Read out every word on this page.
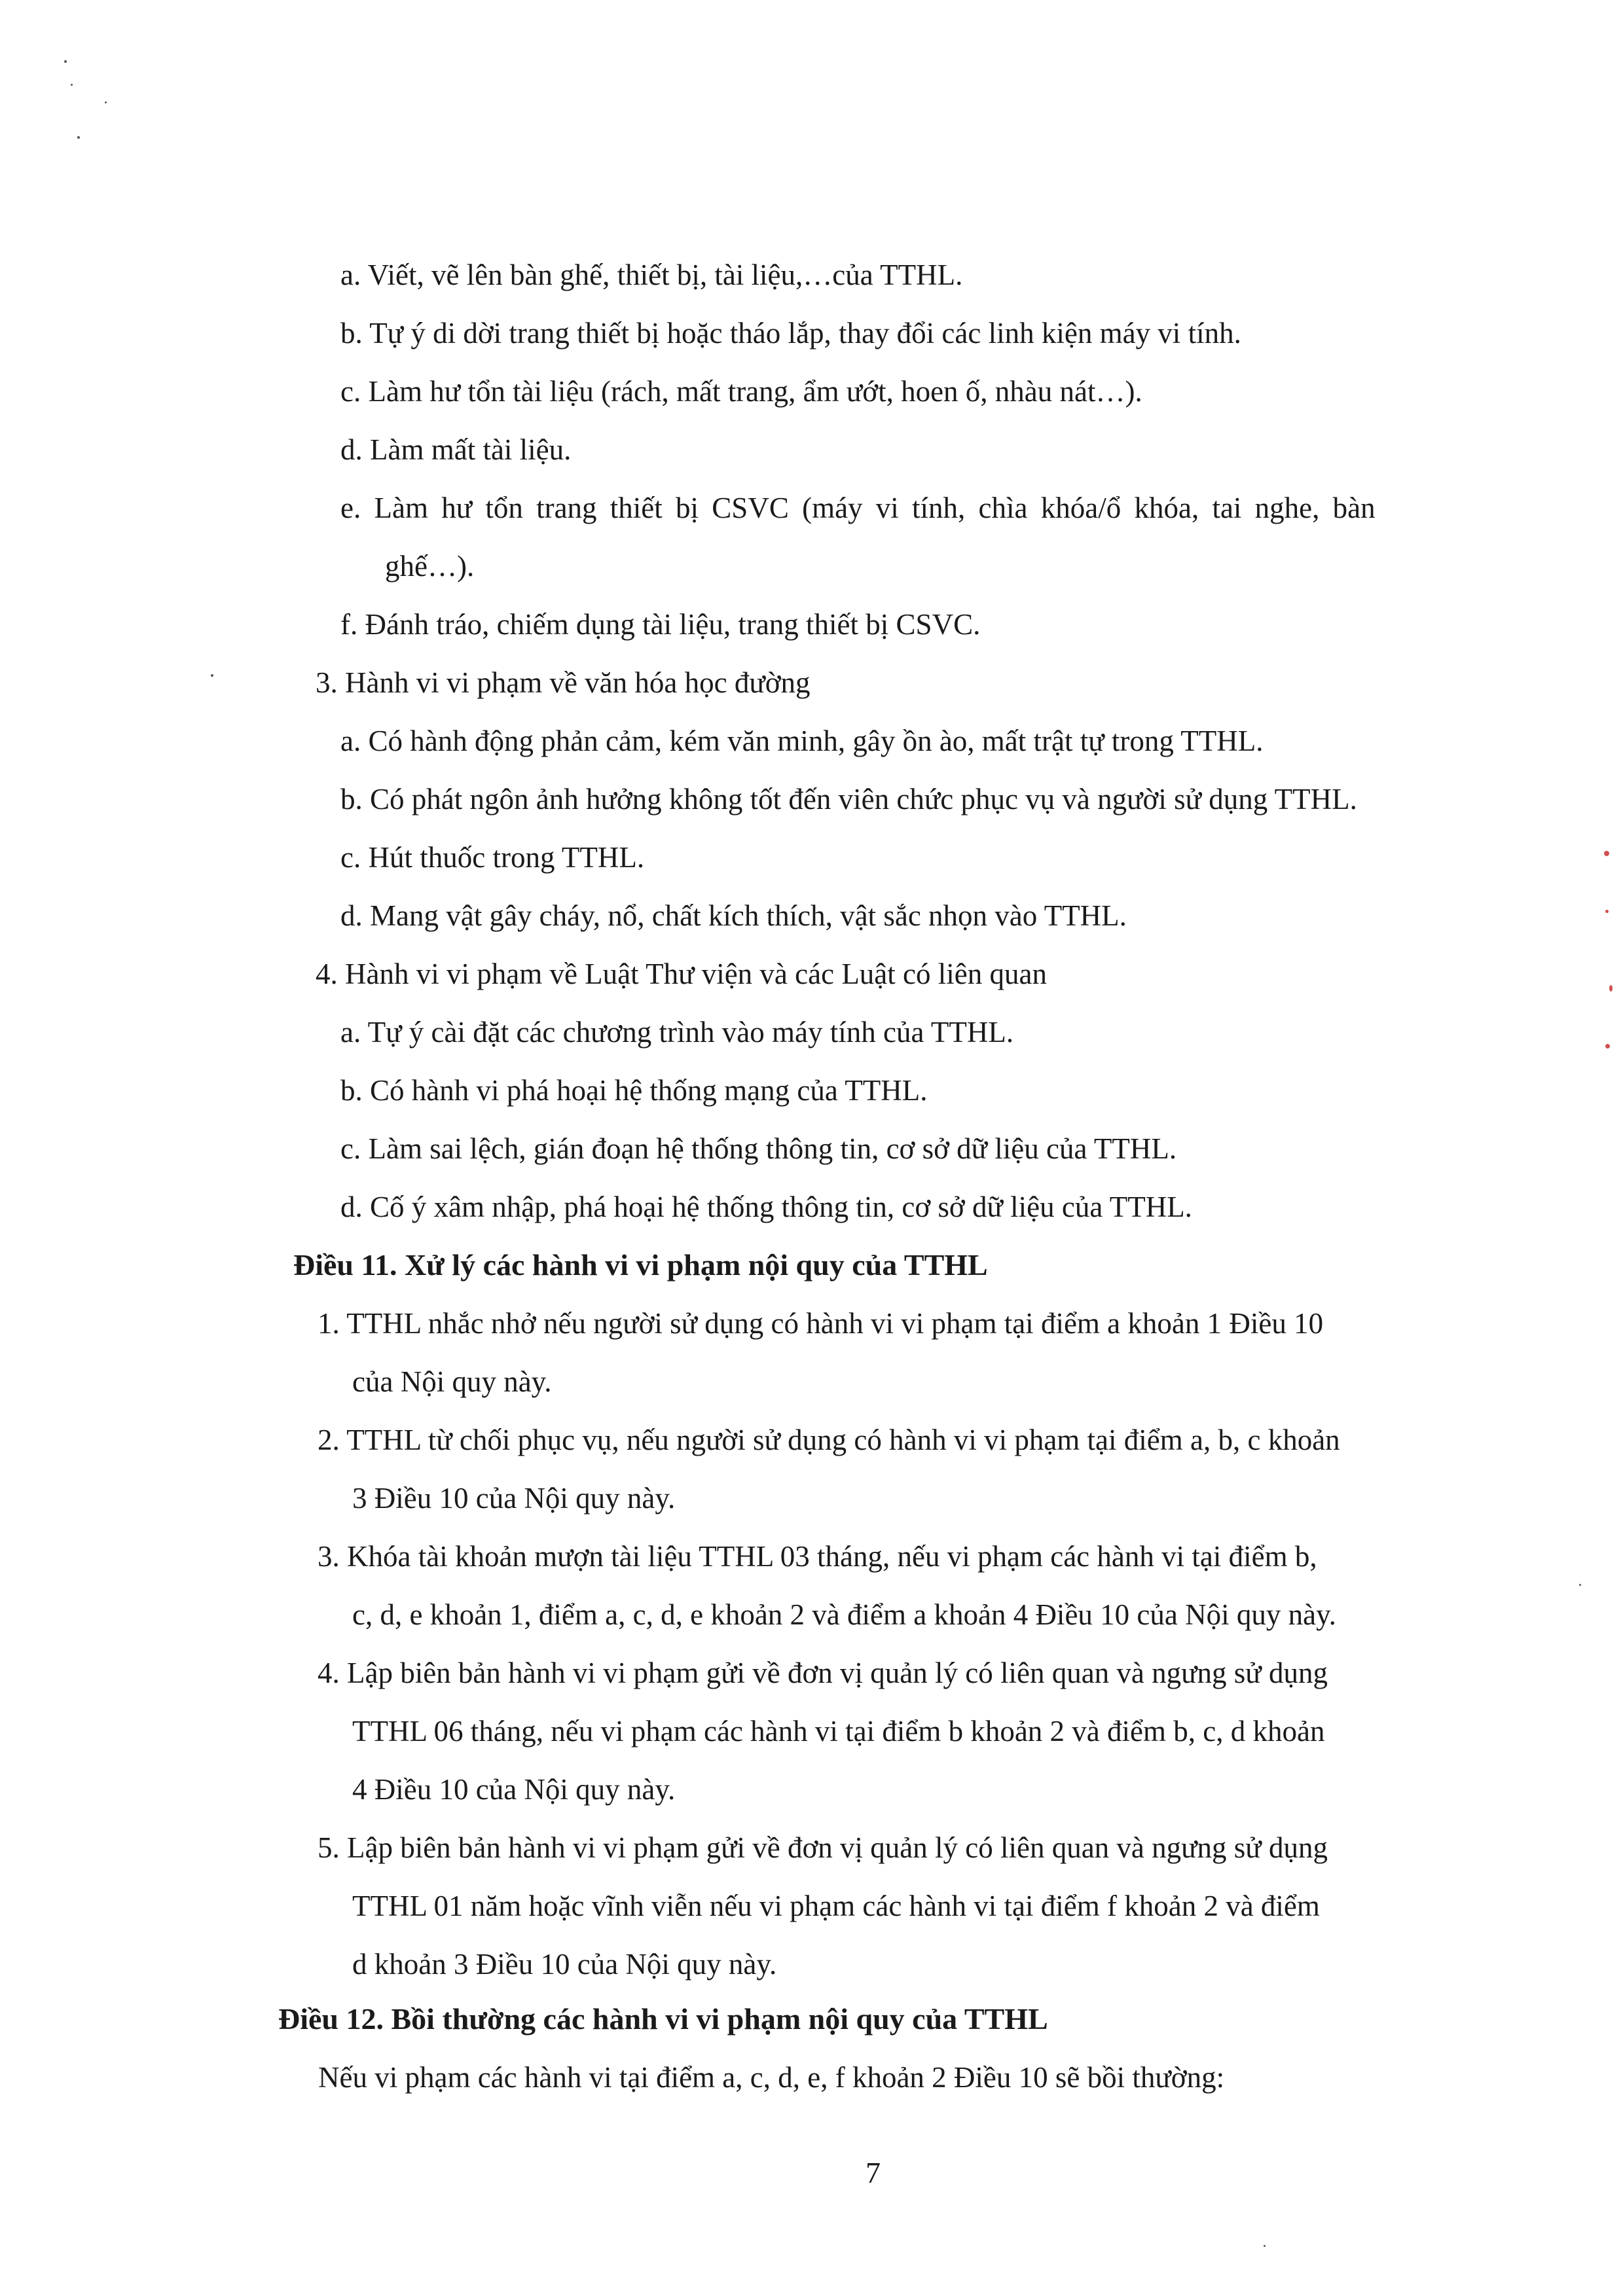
a. Viết, vẽ lên bàn ghế, thiết bị, tài liệu,…của TTHL.
b. Tự ý di dời trang thiết bị hoặc tháo lắp, thay đổi các linh kiện máy vi tính.
c. Làm hư tổn tài liệu (rách, mất trang, ẩm ướt, hoen ố, nhàu nát…).
d. Làm mất tài liệu.
e. Làm hư tổn trang thiết bị CSVC (máy vi tính, chìa khóa/ổ khóa, tai nghe, bàn
ghế…).
f. Đánh tráo, chiếm dụng tài liệu, trang thiết bị CSVC.
3. Hành vi vi phạm về văn hóa học đường
a. Có hành động phản cảm, kém văn minh, gây ồn ào, mất trật tự trong TTHL.
b. Có phát ngôn ảnh hưởng không tốt đến viên chức phục vụ và người sử dụng TTHL.
c. Hút thuốc trong TTHL.
d. Mang vật gây cháy, nổ, chất kích thích, vật sắc nhọn vào TTHL.
4. Hành vi vi phạm về Luật Thư viện và các Luật có liên quan
a. Tự ý cài đặt các chương trình vào máy tính của TTHL.
b. Có hành vi phá hoại hệ thống mạng của TTHL.
c. Làm sai lệch, gián đoạn hệ thống thông tin, cơ sở dữ liệu của TTHL.
d. Cố ý xâm nhập, phá hoại hệ thống thông tin, cơ sở dữ liệu của TTHL.
Điều 11. Xử lý các hành vi vi phạm nội quy của TTHL
1. TTHL nhắc nhở nếu người sử dụng có hành vi vi phạm tại điểm a khoản 1 Điều 10
của Nội quy này.
2. TTHL từ chối phục vụ, nếu người sử dụng có hành vi vi phạm tại điểm a, b, c khoản
3 Điều 10 của Nội quy này.
3. Khóa tài khoản mượn tài liệu TTHL 03 tháng, nếu vi phạm các hành vi tại điểm b,
c, d, e khoản 1, điểm a, c, d, e khoản 2 và điểm a khoản 4 Điều 10 của Nội quy này.
4. Lập biên bản hành vi vi phạm gửi về đơn vị quản lý có liên quan và ngưng sử dụng
TTHL 06 tháng, nếu vi phạm các hành vi tại điểm b khoản 2 và điểm b, c, d khoản
4 Điều 10 của Nội quy này.
5. Lập biên bản hành vi vi phạm gửi về đơn vị quản lý có liên quan và ngưng sử dụng
TTHL 01 năm hoặc vĩnh viễn nếu vi phạm các hành vi tại điểm f khoản 2 và điểm
d khoản 3 Điều 10 của Nội quy này.
Điều 12. Bồi thường các hành vi vi phạm nội quy của TTHL
Nếu vi phạm các hành vi tại điểm a, c, d, e, f khoản 2 Điều 10 sẽ bồi thường:
7
